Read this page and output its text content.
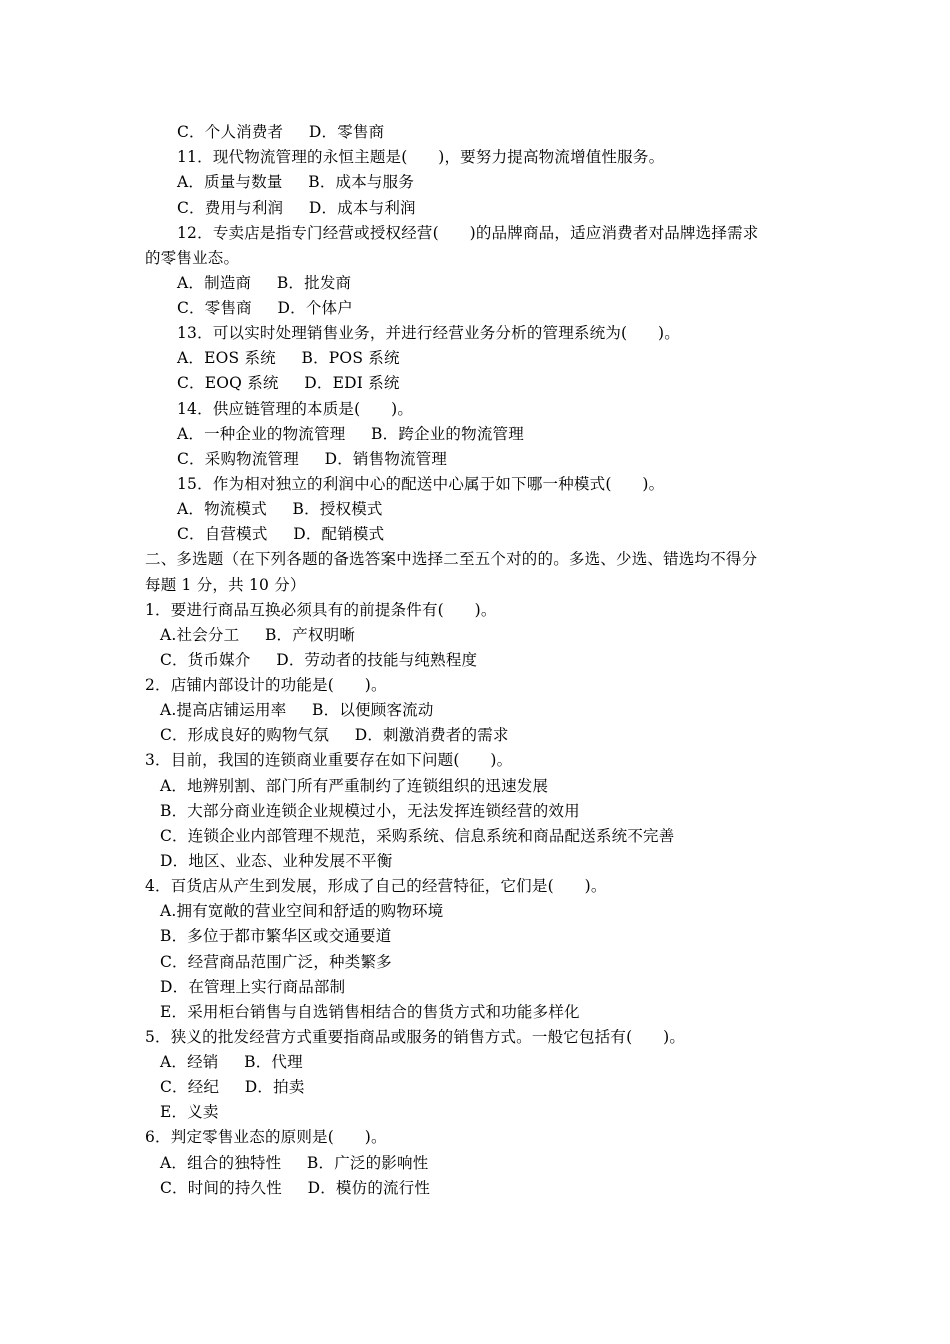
C．个人消费者     D．零售商
11．现代物流管理的永恒主题是(      )，要努力提高物流增值性服务。
A．质量与数量     B．成本与服务
C．费用与利润     D．成本与利润
12．专卖店是指专门经营或授权经营(      )的品牌商品，适应消费者对品牌选择需求
的零售业态。
A．制造商     B．批发商
C．零售商     D．个体户
13．可以实时处理销售业务，并进行经营业务分析的管理系统为(      )。
A．EOS 系统     B．POS 系统
C．EOQ 系统     D．EDI 系统
14．供应链管理的本质是(      )。
A．一种企业的物流管理     B．跨企业的物流管理
C．采购物流管理     D．销售物流管理
15．作为相对独立的利润中心的配送中心属于如下哪一种模式(      )。
A．物流模式     B．授权模式
C．自营模式     D．配销模式
二、多选题（在下列各题的备选答案中选择二至五个对的的。多选、少选、错选均不得分
每题 1 分，共 10 分）
1．要进行商品互换必须具有的前提条件有(      )。
A.社会分工     B．产权明晰
C．货币媒介     D．劳动者的技能与纯熟程度
2．店铺内部设计的功能是(      )。
A.提高店铺运用率     B．以便顾客流动
C．形成良好的购物气氛     D．刺激消费者的需求
3．目前，我国的连锁商业重要存在如下问题(      )。
A．地辨别割、部门所有严重制约了连锁组织的迅速发展
B．大部分商业连锁企业规模过小，无法发挥连锁经营的效用
C．连锁企业内部管理不规范，采购系统、信息系统和商品配送系统不完善
D．地区、业态、业种发展不平衡
4．百货店从产生到发展，形成了自己的经营特征，它们是(      )。
A.拥有宽敞的营业空间和舒适的购物环境
B．多位于都市繁华区或交通要道
C．经营商品范围广泛，种类繁多
D．在管理上实行商品部制
E．采用柜台销售与自选销售相结合的售货方式和功能多样化
5．狭义的批发经营方式重要指商品或服务的销售方式。一般它包括有(      )。
A．经销     B．代理
C．经纪     D．拍卖
E．义卖
6．判定零售业态的原则是(      )。
A．组合的独特性     B．广泛的影响性
C．时间的持久性     D．模仿的流行性
